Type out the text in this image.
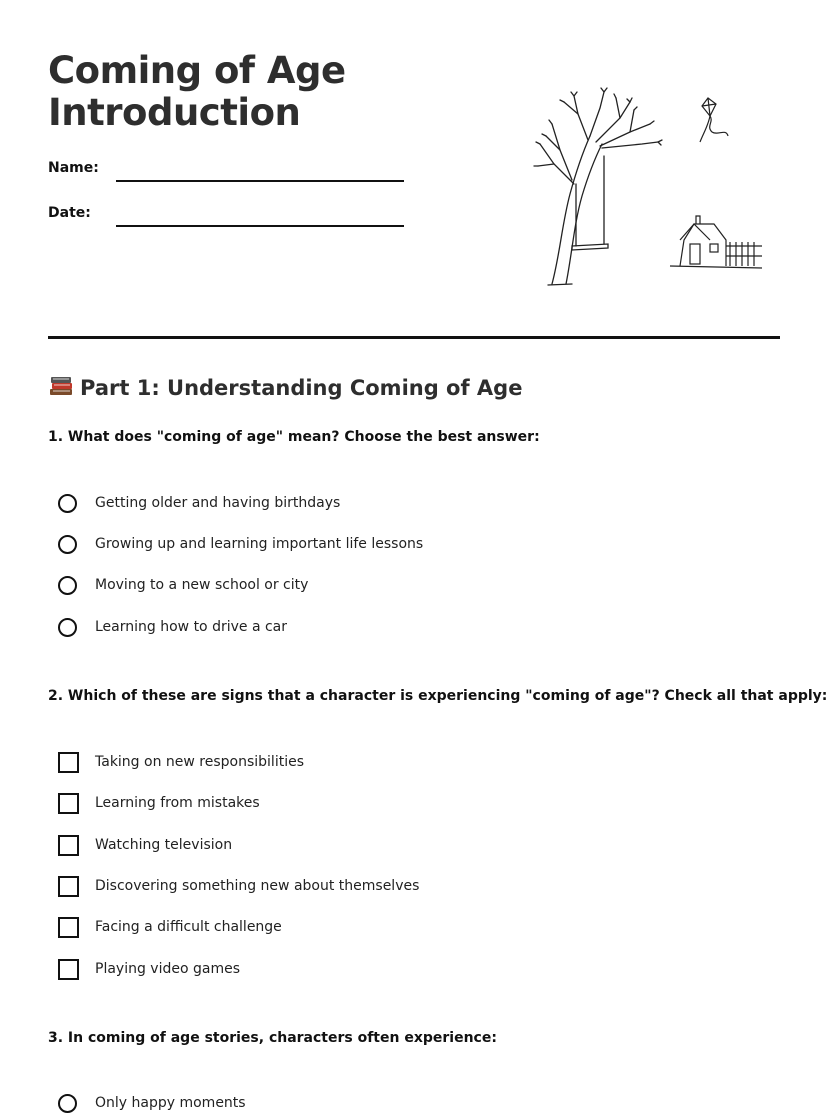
Coming of Age
Introduction
Name:
Date:
Part 1: Understanding Coming of Age

1. What does "coming of age" mean? Choose the best answer:

Getting older and having birthdays
Growing up and learning important life lessons
Moving to a new school or city
Learning how to drive a car

2. Which of these are signs that a character is experiencing "coming of age"? Check all that apply:

Taking on new responsibilities
Learning from mistakes
Watching television
Discovering something new about themselves
Facing a difficult challenge
Playing video games

3. In coming of age stories, characters often experience:

Only happy moments
